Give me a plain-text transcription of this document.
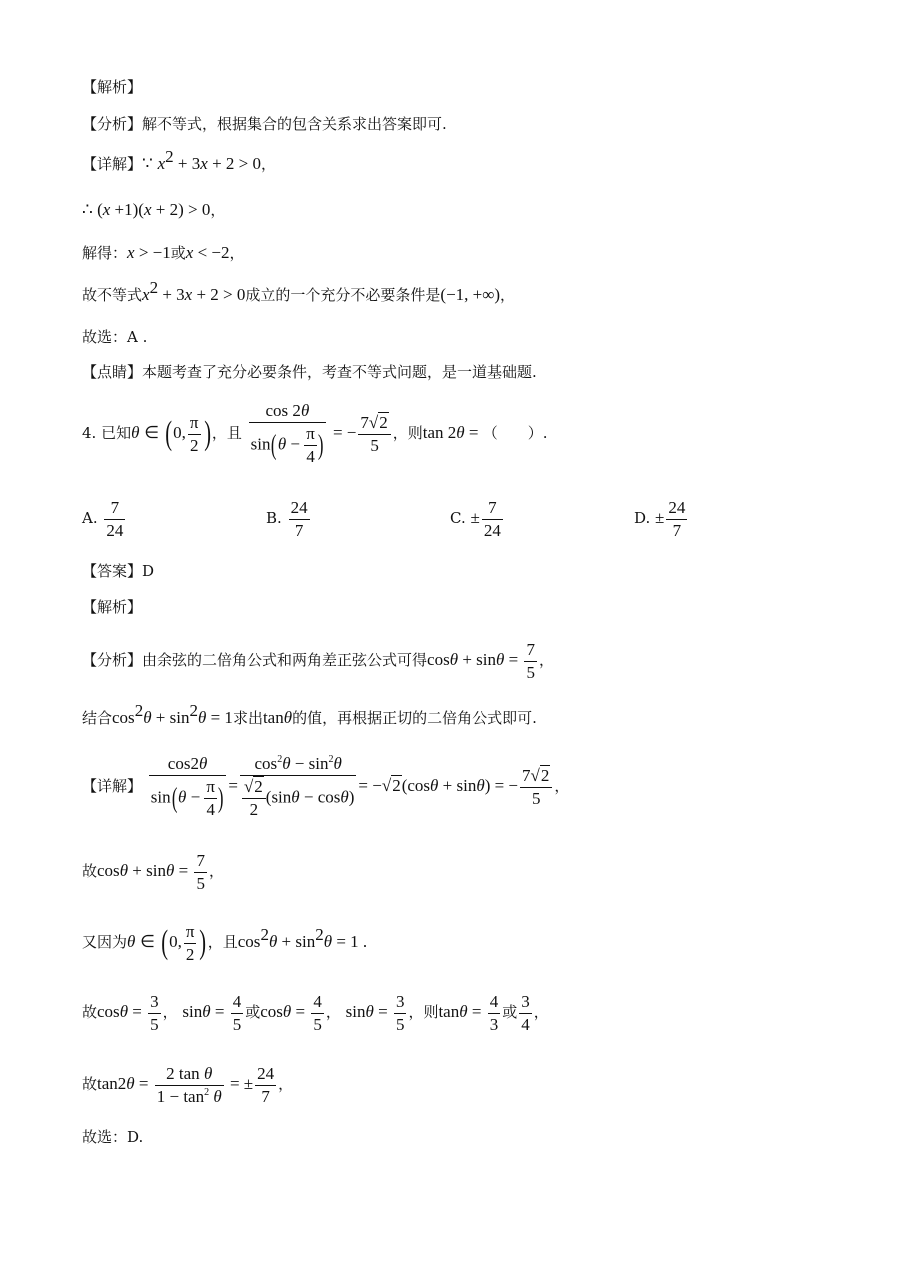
【解析】
【分析】解不等式，根据集合的包含关系求出答案即可.
【详解】∵ $x^2 + 3x + 2 > 0$，
∴ (x +1)(x + 2) > 0，
解得：x > −1或x < −2，
故不等式$x^2 + 3x + 2 > 0$成立的一个充分不必要条件是(−1, +∞)，
故选：A .
【点睛】本题考查了充分必要条件，考查不等式问题，是一道基础题.
4. 已知θ ∈ (0, $\frac{\pi}{2}$ )，且 $\frac{\cos 2\theta}{\sin(\theta - \frac{\pi}{4} )}$ = − $\frac{7√2}{5}$ ，则tan 2θ = （　　）.
A. $\frac{7}{24}$	B. $\frac{24}{7}$	C. ± $\frac{7}{24}$	D. ± $\frac{24}{7}$
【答案】D
【解析】
【分析】由余弦的二倍角公式和两角差正弦公式可得$\cos\theta + \sin\theta = \frac{7}{5}$ ，
结合$\cos^2\theta + \sin^2\theta = 1$求出tanθ的值，再根据正切的二倍角公式即可.
【详解】 $\frac{\cos 2\theta}{\sin(\theta - \frac{\pi}{4} )} = \frac{\cos^2\theta - \sin^2\theta}{\frac{√2}{2} (\sin\theta - \cos\theta)} = -√2(\cos\theta + \sin\theta)$ = − $\frac{7√2}{5}$ ，
故$\cos\theta + \sin\theta = \frac{7}{5}$ ，
又因为θ ∈ (0, $\frac{\pi}{2}$ )，且$\cos^2\theta + \sin^2\theta = 1$ .
故$\cos\theta = \frac{3}{5}$ ， $\sin\theta = \frac{4}{5}$ 或$\cos\theta = \frac{4}{5}$ ， $\sin\theta = \frac{3}{5}$ ，则$\tan\theta = \frac{4}{3}$ 或 $\frac{3}{4}$ ，
故$\tan 2\theta = \frac{\text{2 tan θ}}{1 - \tan^2 \theta}$ = ± $\frac{24}{7}$ ，
故选：D.
